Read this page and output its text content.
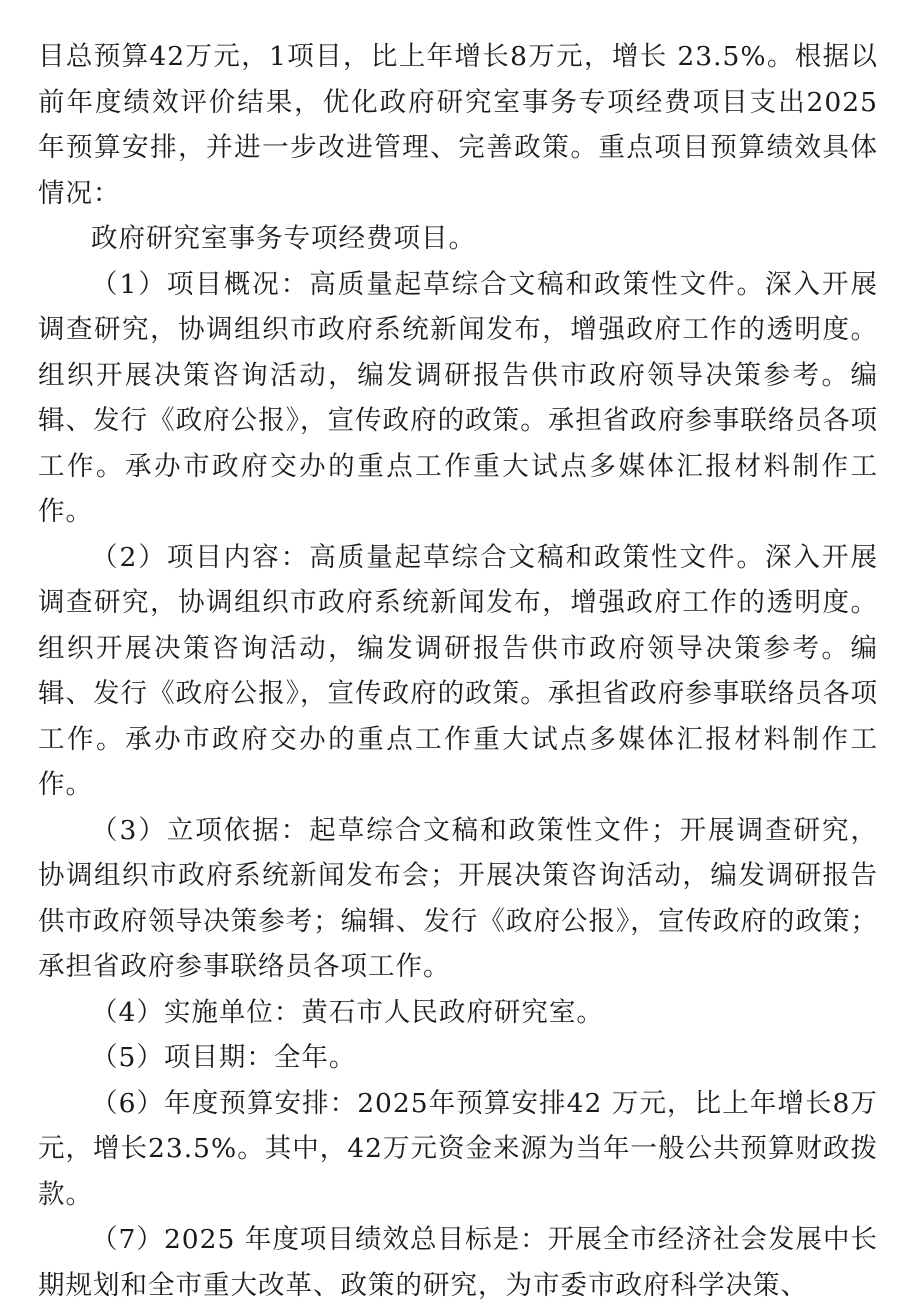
目总预算42万元，1项目，比上年增长8万元，增长 23.5%。根据以前年度绩效评价结果，优化政府研究室事务专项经费项目支出2025年预算安排，并进一步改进管理、完善政策。重点项目预算绩效具体情况：

政府研究室事务专项经费项目。

（1）项目概况：高质量起草综合文稿和政策性文件。深入开展调查研究，协调组织市政府系统新闻发布，增强政府工作的透明度。组织开展决策咨询活动，编发调研报告供市政府领导决策参考。编辑、发行《政府公报》，宣传政府的政策。承担省政府参事联络员各项工作。承办市政府交办的重点工作重大试点多媒体汇报材料制作工作。

（2）项目内容：高质量起草综合文稿和政策性文件。深入开展调查研究，协调组织市政府系统新闻发布，增强政府工作的透明度。组织开展决策咨询活动，编发调研报告供市政府领导决策参考。编辑、发行《政府公报》，宣传政府的政策。承担省政府参事联络员各项工作。承办市政府交办的重点工作重大试点多媒体汇报材料制作工作。

（3）立项依据：起草综合文稿和政策性文件；开展调查研究，协调组织市政府系统新闻发布会；开展决策咨询活动，编发调研报告供市政府领导决策参考；编辑、发行《政府公报》，宣传政府的政策；承担省政府参事联络员各项工作。

（4）实施单位：黄石市人民政府研究室。

（5）项目期：全年。

（6）年度预算安排：2025年预算安排42 万元，比上年增长8万元，增长23.5%。其中，42万元资金来源为当年一般公共预算财政拨款。

（7）2025 年度项目绩效总目标是：开展全市经济社会发展中长期规划和全市重大改革、政策的研究，为市委市政府科学决策、
